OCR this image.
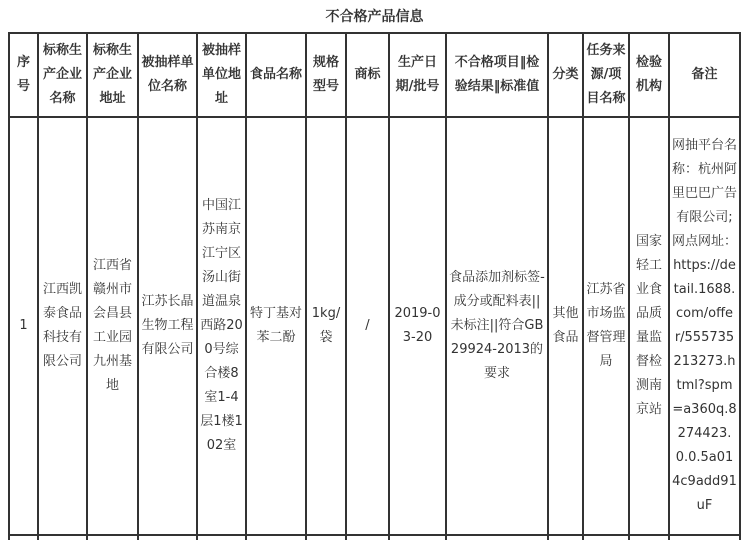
不合格产品信息
序号	标称生产企业名称	标称生产企业地址	被抽样单位名称	被抽样单位地址	食品名称	规格型号	商标	生产日期/批号	不合格项目‖检验结果‖标准值	分类	任务来源/项目名称	检验机构	备注
1	江西凯泰食品科技有限公司	江西省赣州市会昌县工业园九州基地	江苏长晶生物工程有限公司	中国江苏南京江宁区汤山街道温泉西路200号综合楼8室1-4层1楼102室	特丁基对苯二酚	1kg/袋	/	2019-03-20	食品添加剂标签-成分或配料表||未标注||符合GB29924-2013的要求	其他食品	江苏省市场监督管理局	国家轻工业食品质量监督检测南京站	网抽平台名称：杭州阿里巴巴广告有限公司; 网点网址：https://detail.1688.com/offer/555735213273.html?spm=a360q.8274423.0.0.5a014c9add91uF
